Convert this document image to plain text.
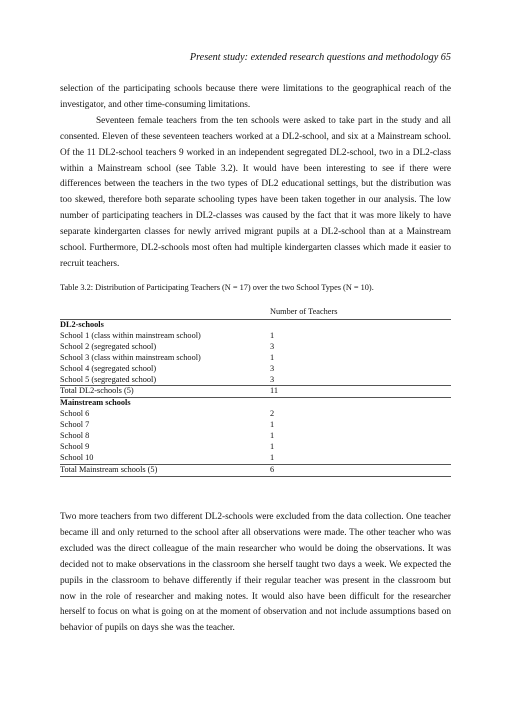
Present study: extended research questions and methodology 65

selection of the participating schools because there were limitations to the geographical reach of the investigator, and other time-consuming limitations.

Seventeen female teachers from the ten schools were asked to take part in the study and all consented. Eleven of these seventeen teachers worked at a DL2-school, and six at a Mainstream school. Of the 11 DL2-school teachers 9 worked in an independent segregated DL2-school, two in a DL2-class within a Mainstream school (see Table 3.2). It would have been interesting to see if there were differences between the teachers in the two types of DL2 educational settings, but the distribution was too skewed, therefore both separate schooling types have been taken together in our analysis. The low number of participating teachers in DL2-classes was caused by the fact that it was more likely to have separate kindergarten classes for newly arrived migrant pupils at a DL2-school than at a Mainstream school. Furthermore, DL2-schools most often had multiple kindergarten classes which made it easier to recruit teachers.

Table 3.2: Distribution of Participating Teachers (N = 17) over the two School Types (N = 10).
	Number of Teachers
DL2-schools	
School 1 (class within mainstream school)	1
School 2 (segregated school)	3
School 3 (class within mainstream school)	1
School 4 (segregated school)	3
School 5 (segregated school)	3
Total DL2-schools (5)	11
Mainstream schools	
School 6	2
School 7	1
School 8	1
School 9	1
School 10	1
Total Mainstream schools (5)	6

Two more teachers from two different DL2-schools were excluded from the data collection. One teacher became ill and only returned to the school after all observations were made. The other teacher who was excluded was the direct colleague of the main researcher who would be doing the observations. It was decided not to make observations in the classroom she herself taught two days a week. We expected the pupils in the classroom to behave differently if their regular teacher was present in the classroom but now in the role of researcher and making notes. It would also have been difficult for the researcher herself to focus on what is going on at the moment of observation and not include assumptions based on behavior of pupils on days she was the teacher.
